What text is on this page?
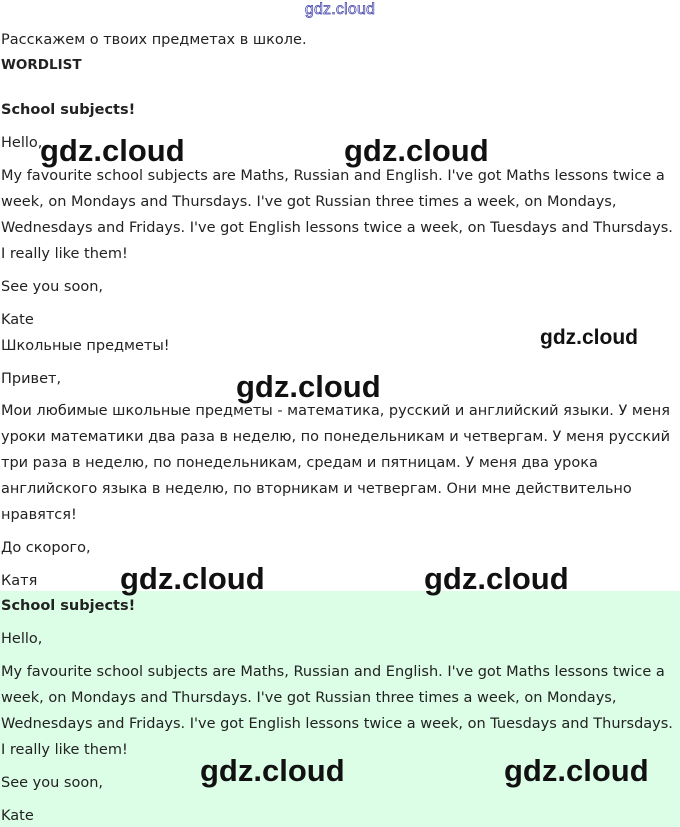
gdz.cloud

Расскажем о твоих предметах в школе.

WORDLIST

School subjects!

Hello,

My favourite school subjects are Maths, Russian and English. I've got Maths lessons twice a week, on Mondays and Thursdays. I've got Russian three times a week, on Mondays, Wednesdays and Fridays. I've got English lessons twice a week, on Tuesdays and Thursdays. I really like them!

See you soon,

Kate

Школьные предметы!

Привет,

Мои любимые школьные предметы - математика, русский и английский языки. У меня уроки математики два раза в неделю, по понедельникам и четвергам. У меня русский три раза в неделю, по понедельникам, средам и пятницам. У меня два урока английского языка в неделю, по вторникам и четвергам. Они мне действительно нравятся!

До скорого,

Катя

School subjects!

Hello,

My favourite school subjects are Maths, Russian and English. I've got Maths lessons twice a week, on Mondays and Thursdays. I've got Russian three times a week, on Mondays, Wednesdays and Fridays. I've got English lessons twice a week, on Tuesdays and Thursdays. I really like them!

See you soon,

Kate

gdz.cloud	gdz.cloud
gdz.cloud
gdz.cloud
gdz.cloud	gdz.cloud
gdz.cloud	gdz.cloud
